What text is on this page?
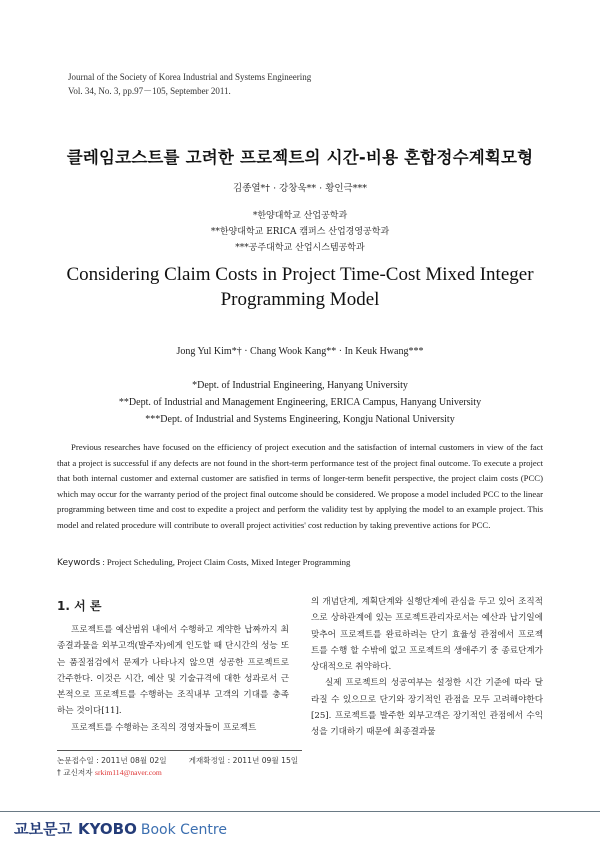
Journal of the Society of Korea Industrial and Systems Engineering
Vol. 34, No. 3, pp.97－105, September 2011.
클레임코스트를 고려한 프로젝트의 시간-비용 혼합정수계획모형
김종열*† · 강창욱** · 황인극***
*한양대학교 산업공학과
**한양대학교 ERICA 캠퍼스 산업경영공학과
***공주대학교 산업시스템공학과
Considering Claim Costs in Project Time-Cost Mixed Integer Programming Model
Jong Yul Kim*† · Chang Wook Kang** · In Keuk Hwang***
*Dept. of Industrial Engineering, Hanyang University
**Dept. of Industrial and Management Engineering, ERICA Campus, Hanyang University
***Dept. of Industrial and Systems Engineering, Kongju National University
Previous researches have focused on the efficiency of project execution and the satisfaction of internal customers in view of the fact that a project is successful if any defects are not found in the short-term performance test of the project final outcome. To execute a project that both internal customer and external customer are satisfied in terms of longer-term benefit perspective, the project claim costs (PCC) which may occur for the warranty period of the project final outcome should be considered. We propose a model included PCC to the linear programming between time and cost to expedite a project and perform the validity test by applying the model to an example project. This model and related procedure will contribute to overall project activities' cost reduction by taking preventive actions for PCC.
Keywords : Project Scheduling, Project Claim Costs, Mixed Integer Programming
1. 서 론

프로젝트를 예산범위 내에서 수행하고 계약한 납짜까지 최종결과물을 외부고객(발주자)에게 인도할 때 단시간의 성능 또는 품질점검에서 문제가 나타나지 않으면 성공한 프로젝트로 간주한다. 이것은 시간, 예산 및 기술규격에 대한 성과로서 근본적으로 프로젝트를 수행하는 조직내부 고객의 기대를 충족하는 것이다[11].

프로젝트를 수행하는 조직의 경영자들이 프로젝트

의 개념단계, 계획단계와 실행단계에 관심을 두고 있어 조직적으로 상하관계에 있는 프로젝트관리자로서는 예산과 납기일에 맞추어 프로젝트를 완료하려는 단기 효율성 관점에서 프로젝트를 수행 할 수밖에 없고 프로젝트의 생애주기 중 종료단계가 상대적으로 취약하다.

실제 프로젝트의 성공여부는 설정한 시간 기준에 따라 달라질 수 있으므로 단기와 장기적인 관점을 모두 고려해야한다[25]. 프로젝트를 발주한 외부고객은 장기적인 관점에서 수익성을 기대하기 때문에 최종결과물

논문접수일 : 2011년 08월 02일	게재확정일 : 2011년 09월 15일
† 교신저자 srkim114@naver.com
교보문고 KYOBO Book Centre
